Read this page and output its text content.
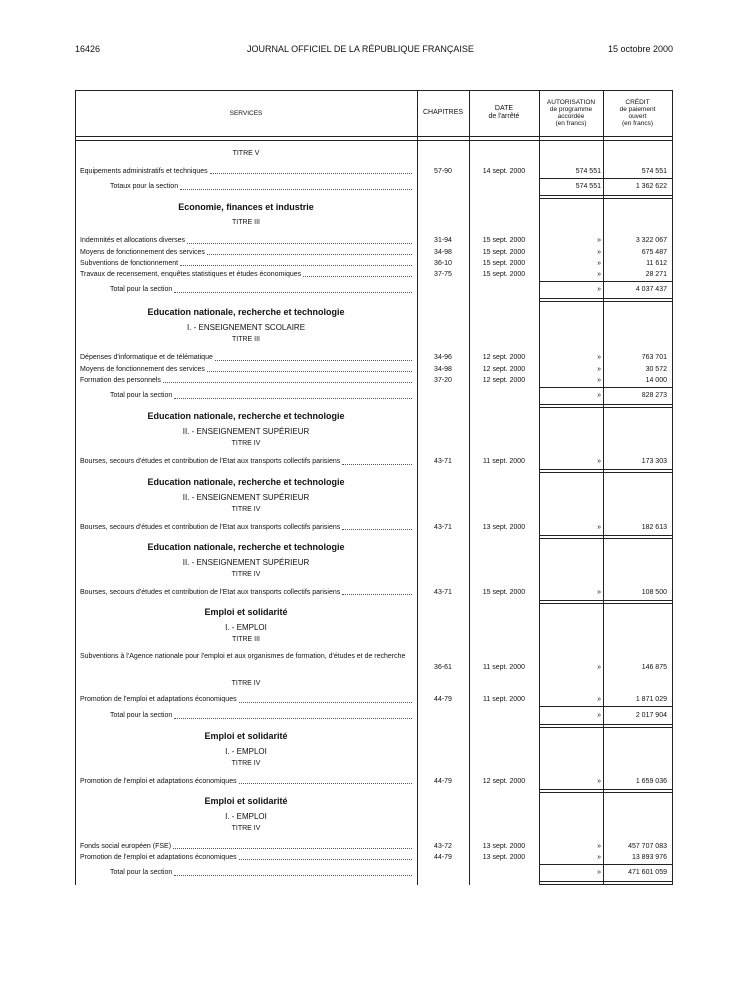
16426	JOURNAL OFFICIEL DE LA RÉPUBLIQUE FRANÇAISE	15 octobre 2000
SERVICES	CHAPITRES
DATE
de l'arrêté
AUTORISATION
de programme
accordée
(en francs)
CRÉDIT
de paiement
ouvert
(en francs)
TITRE V
Equipements administratifs et techniques	57-90	14 sept. 2000	574 551	574 551
Totaux pour la section	574 551	1 362 622
Economie, finances et industrie
TITRE III
Indemnités et allocations diverses	31-94	15 sept. 2000	»	3 322 067
Moyens de fonctionnement des services	34-98	15 sept. 2000	»	675 487
Subventions de fonctionnement	36-10	15 sept. 2000	»	11 612
Travaux de recensement, enquêtes statistiques et études économiques	37-75	15 sept. 2000	»	28 271
Total pour la section	»	4 037 437
Education nationale, recherche et technologie
I. - ENSEIGNEMENT SCOLAIRE
TITRE III
Dépenses d'informatique et de télématique	34-96	12 sept. 2000	»	763 701
Moyens de fonctionnement des services	34-98	12 sept. 2000	»	30 572
Formation des personnels	37-20	12 sept. 2000	»	14 000
Total pour la section	»	828 273
Education nationale, recherche et technologie
II. - ENSEIGNEMENT SUPÉRIEUR
TITRE IV
Bourses, secours d'études et contribution de l'Etat aux transports collectifs parisiens	43-71	11 sept. 2000	»	173 303
Education nationale, recherche et technologie
II. - ENSEIGNEMENT SUPÉRIEUR
TITRE IV
Bourses, secours d'études et contribution de l'Etat aux transports collectifs parisiens	43-71	13 sept. 2000	»	182 613
Education nationale, recherche et technologie
II. - ENSEIGNEMENT SUPÉRIEUR
TITRE IV
Bourses, secours d'études et contribution de l'Etat aux transports collectifs parisiens	43-71	15 sept. 2000	»	108 500
Emploi et solidarité
I. - EMPLOI
TITRE III
Subventions à l'Agence nationale pour l'emploi et aux organismes de formation, d'études et de recherche
36-61	11 sept. 2000	»	146 875
TITRE IV
Promotion de l'emploi et adaptations économiques	44-79	11 sept. 2000	»	1 871 029
Total pour la section	»	2 017 904
Emploi et solidarité
I. - EMPLOI
TITRE IV
Promotion de l'emploi et adaptations économiques	44-79	12 sept. 2000	»	1 659 036
Emploi et solidarité
I. - EMPLOI
TITRE IV
Fonds social européen (FSE)	43-72	13 sept. 2000	»	457 707 083
Promotion de l'emploi et adaptations économiques	44-79	13 sept. 2000	»	13 893 976
Total pour la section	»	471 601 059
